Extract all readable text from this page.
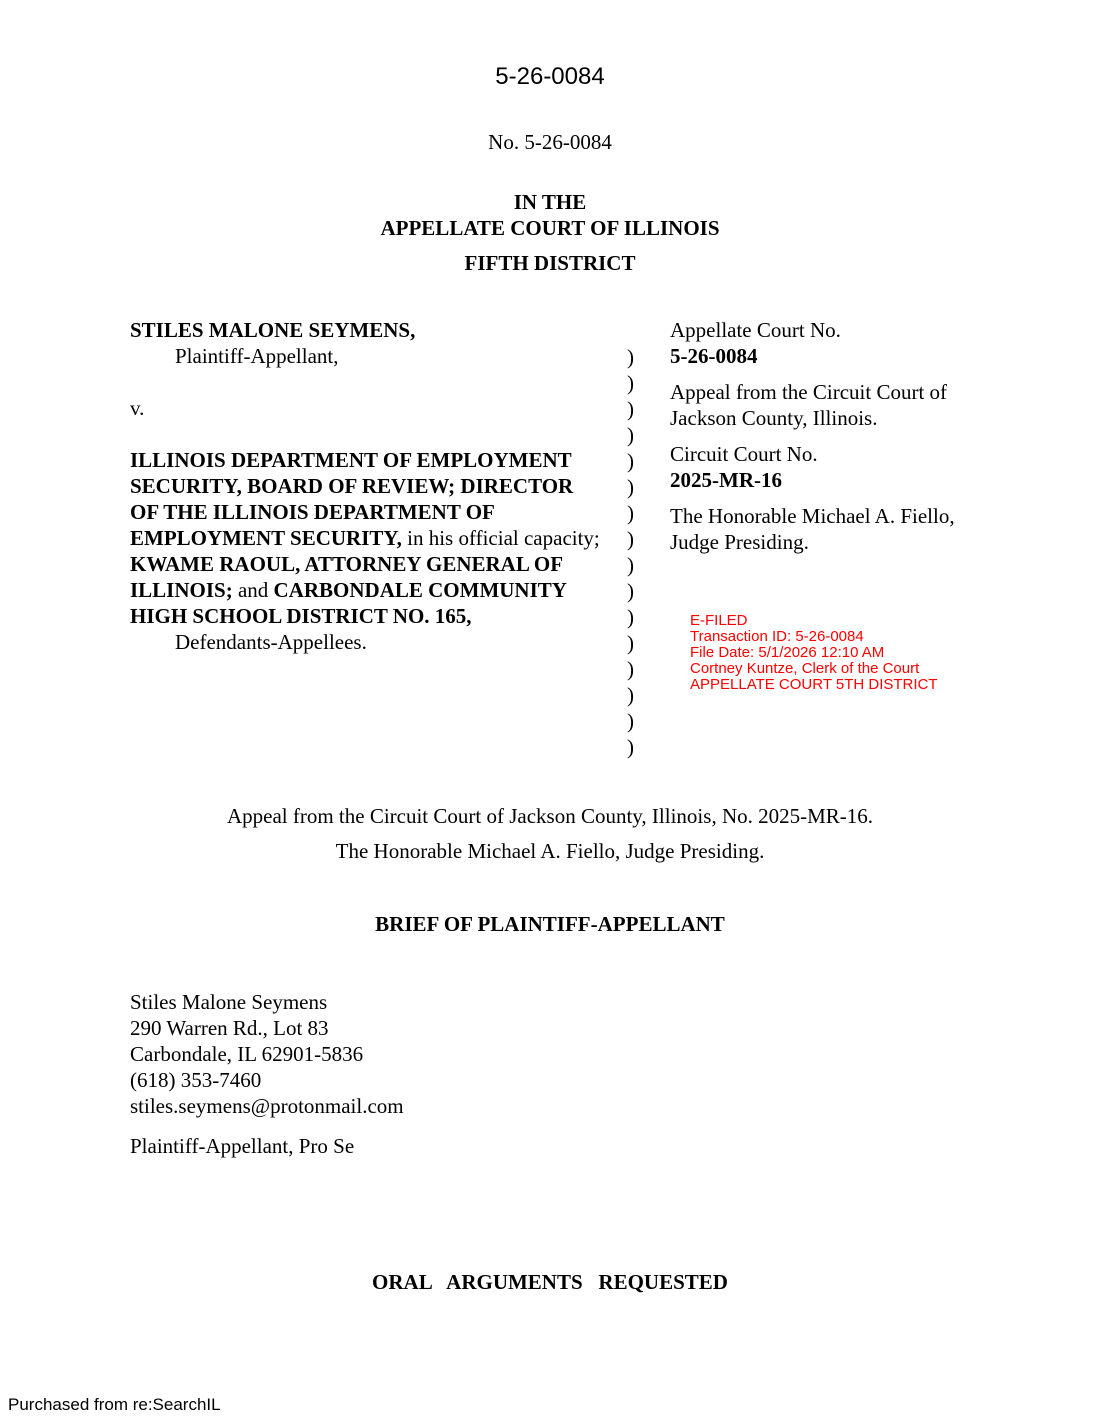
5-26-0084
No. 5-26-0084
IN THE
APPELLATE COURT OF ILLINOIS
FIFTH DISTRICT
STILES MALONE SEYMENS,
Plaintiff-Appellant,
v.
ILLINOIS DEPARTMENT OF EMPLOYMENT SECURITY, BOARD OF REVIEW; DIRECTOR OF THE ILLINOIS DEPARTMENT OF EMPLOYMENT SECURITY, in his official capacity; KWAME RAOUL, ATTORNEY GENERAL OF ILLINOIS; and CARBONDALE COMMUNITY HIGH SCHOOL DISTRICT NO. 165,
Defendants-Appellees.
)
)
)
)
)
)
)
)
)
)
)
)
)
)
)
)
Appellate Court No.
5-26-0084
Appeal from the Circuit Court of Jackson County, Illinois.
Circuit Court No.
2025-MR-16
The Honorable Michael A. Fiello, Judge Presiding.
E-FILED
Transaction ID: 5-26-0084
File Date: 5/1/2026 12:10 AM
Cortney Kuntze, Clerk of the Court
APPELLATE COURT 5TH DISTRICT
Appeal from the Circuit Court of Jackson County, Illinois, No. 2025-MR-16.
The Honorable Michael A. Fiello, Judge Presiding.
BRIEF OF PLAINTIFF-APPELLANT
Stiles Malone Seymens
290 Warren Rd., Lot 83
Carbondale, IL 62901-5836
(618) 353-7460
stiles.seymens@protonmail.com
Plaintiff-Appellant, Pro Se
ORAL   ARGUMENTS   REQUESTED
Purchased from re:SearchIL
